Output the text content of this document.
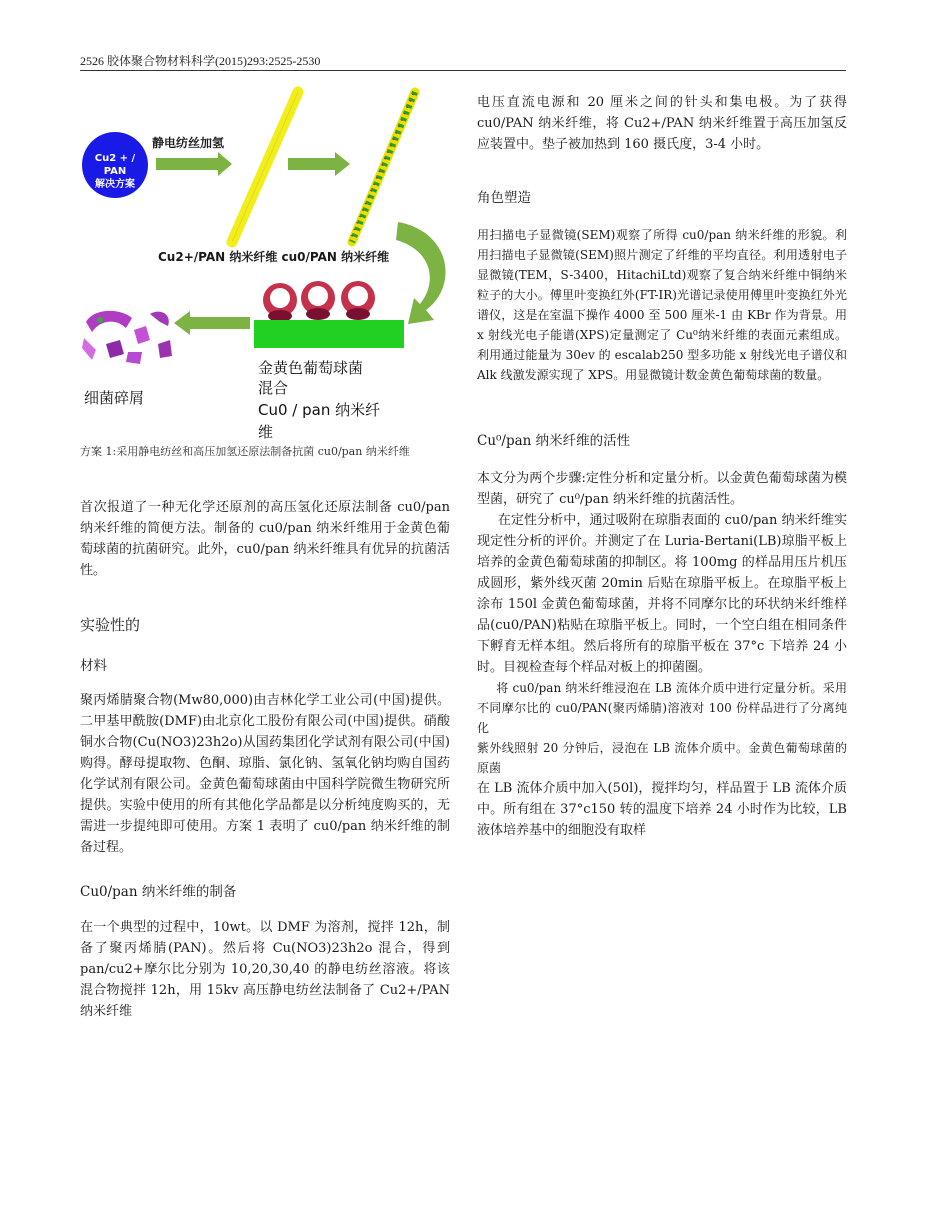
2526 胶体聚合物材料科学(2015)293:2525-2530
Cu2 + / PAN
解决方案
静电纺丝加氢
Cu2+/PAN 纳米纤维 cu0/PAN 纳米纤维
金黄色葡萄球菌
混合
Cu0 / pan 纳米纤
维
细菌碎屑
方案 1:采用静电纺丝和高压加氢还原法制备抗菌 cu0/pan 纳米纤维

首次报道了一种无化学还原剂的高压氢化还原法制备 cu0/pan 纳米纤维的简便方法。制备的 cu0/pan 纳米纤维用于金黄色葡萄球菌的抗菌研究。此外，cu0/pan 纳米纤维具有优异的抗菌活性。

实验性的

材料

聚丙烯腈聚合物(Mw80,000)由吉林化学工业公司(中国)提供。二甲基甲酰胺(DMF)由北京化工股份有限公司(中国)提供。硝酸铜水合物(Cu(NO3)23h2o)从国药集团化学试剂有限公司(中国)购得。酵母提取物、色酮、琼脂、氯化钠、氢氧化钠均购自国药化学试剂有限公司。金黄色葡萄球菌由中国科学院微生物研究所提供。实验中使用的所有其他化学品都是以分析纯度购买的，无需进一步提纯即可使用。方案 1 表明了 cu0/pan 纳米纤维的制备过程。

Cu0/pan 纳米纤维的制备

在一个典型的过程中，10wt。以 DMF 为溶剂，搅拌 12h，制备了聚丙烯腈(PAN)。然后将 Cu(NO3)23h2o 混合，得到 pan/cu2+摩尔比分别为 10,20,30,40 的静电纺丝溶液。将该混合物搅拌 12h，用 15kv 高压静电纺丝法制备了 Cu2+/PAN 纳米纤维

电压直流电源和 20 厘米之间的针头和集电极。为了获得 cu0/PAN 纳米纤维，将 Cu2+/PAN 纳米纤维置于高压加氢反应装置中。垫子被加热到 160 摄氏度，3-4 小时。

角色塑造

用扫描电子显微镜(SEM)观察了所得 cu0/pan 纳米纤维的形貌。利用扫描电子显微镜(SEM)照片测定了纤维的平均直径。利用透射电子显微镜(TEM，S-3400，HitachiLtd)观察了复合纳米纤维中铜纳米粒子的大小。傅里叶变换红外(FT-IR)光谱记录使用傅里叶变换红外光谱仪，这是在室温下操作 4000 至 500 厘米-1 由 KBr 作为背景。用 x 射线光电子能谱(XPS)定量测定了 Cu⁰纳米纤维的表面元素组成。利用通过能量为 30ev 的 escalab250 型多功能 x 射线光电子谱仪和 Alk 线激发源实现了 XPS。用显微镜计数金黄色葡萄球菌的数量。

Cu⁰/pan 纳米纤维的活性

本文分为两个步骤:定性分析和定量分析。以金黄色葡萄球菌为模型菌，研究了 cu⁰/pan 纳米纤维的抗菌活性。

在定性分析中，通过吸附在琼脂表面的 cu0/pan 纳米纤维实现定性分析的评价。并测定了在 Luria-Bertani(LB)琼脂平板上培养的金黄色葡萄球菌的抑制区。将 100mg 的样品用压片机压成圆形，紫外线灭菌 20min 后贴在琼脂平板上。在琼脂平板上涂布 150l 金黄色葡萄球菌，并将不同摩尔比的环状纳米纤维样品(cu0/PAN)粘贴在琼脂平板上。同时，一个空白组在相同条件下孵育无样本组。然后将所有的琼脂平板在 37°c 下培养 24 小时。目视检查每个样品对板上的抑菌圈。

将 cu0/pan 纳米纤维浸泡在 LB 流体介质中进行定量分析。采用不同摩尔比的 cu0/PAN(聚丙烯腈)溶液对 100 份样品进行了分离纯化

紫外线照射 20 分钟后，浸泡在 LB 流体介质中。金黄色葡萄球菌的原菌

在 LB 流体介质中加入(50l)，搅拌均匀，样品置于 LB 流体介质中。所有组在 37°c150 转的温度下培养 24 小时作为比较，LB 液体培养基中的细胞没有取样
